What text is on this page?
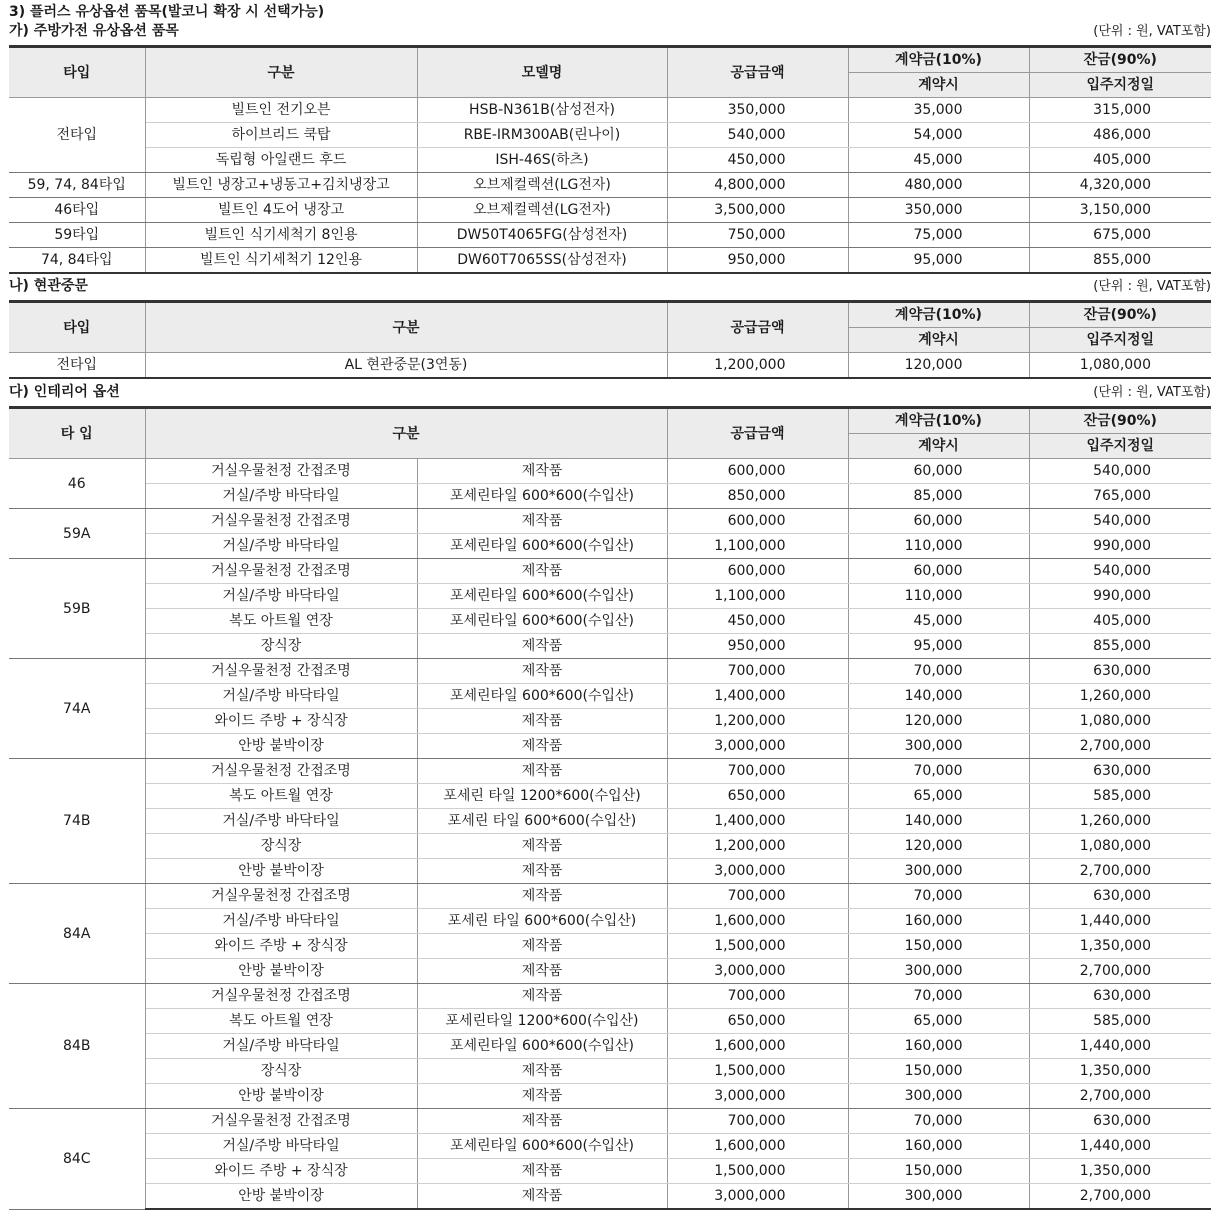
3) 플러스 유상옵션 품목(발코니 확장 시 선택가능)
가) 주방가전 유상옵션 품목	(단위 : 원, VAT포함)
타입	구분	모델명	공급금액	계약금(10%)	잔금(90%)
				계약시	입주지정일
전타입	빌트인 전기오븐	HSB-N361B(삼성전자)	350,000	35,000	315,000
	하이브리드 쿡탑	RBE-IRM300AB(린나이)	540,000	54,000	486,000
	독립형 아일랜드 후드	ISH-46S(하츠)	450,000	45,000	405,000
59, 74, 84타입	빌트인 냉장고+냉동고+김치냉장고	오브제컬렉션(LG전자)	4,800,000	480,000	4,320,000
46타입	빌트인 4도어 냉장고	오브제컬렉션(LG전자)	3,500,000	350,000	3,150,000
59타입	빌트인 식기세척기 8인용	DW50T4065FG(삼성전자)	750,000	75,000	675,000
74, 84타입	빌트인 식기세척기 12인용	DW60T7065SS(삼성전자)	950,000	95,000	855,000
나) 현관중문	(단위 : 원, VAT포함)
타입	구분	공급금액	계약금(10%)	잔금(90%)
			계약시	입주지정일
전타입	AL 현관중문(3연동)	1,200,000	120,000	1,080,000
다) 인테리어 옵션	(단위 : 원, VAT포함)
타 입	구분		공급금액	계약금(10%)	잔금(90%)
				계약시	입주지정일
46	거실우물천정 간접조명	제작품	600,000	60,000	540,000
	거실/주방 바닥타일	포세린타일 600*600(수입산)	850,000	85,000	765,000
59A	거실우물천정 간접조명	제작품	600,000	60,000	540,000
	거실/주방 바닥타일	포세린타일 600*600(수입산)	1,100,000	110,000	990,000
59B	거실우물천정 간접조명	제작품	600,000	60,000	540,000
	거실/주방 바닥타일	포세린타일 600*600(수입산)	1,100,000	110,000	990,000
	복도 아트월 연장	포세린타일 600*600(수입산)	450,000	45,000	405,000
	장식장	제작품	950,000	95,000	855,000
74A	거실우물천정 간접조명	제작품	700,000	70,000	630,000
	거실/주방 바닥타일	포세린타일 600*600(수입산)	1,400,000	140,000	1,260,000
	와이드 주방 + 장식장	제작품	1,200,000	120,000	1,080,000
	안방 붙박이장	제작품	3,000,000	300,000	2,700,000
74B	거실우물천정 간접조명	제작품	700,000	70,000	630,000
	복도 아트월 연장	포세린 타일 1200*600(수입산)	650,000	65,000	585,000
	거실/주방 바닥타일	포세린 타일 600*600(수입산)	1,400,000	140,000	1,260,000
	장식장	제작품	1,200,000	120,000	1,080,000
	안방 붙박이장	제작품	3,000,000	300,000	2,700,000
84A	거실우물천정 간접조명	제작품	700,000	70,000	630,000
	거실/주방 바닥타일	포세린 타일 600*600(수입산)	1,600,000	160,000	1,440,000
	와이드 주방 + 장식장	제작품	1,500,000	150,000	1,350,000
	안방 붙박이장	제작품	3,000,000	300,000	2,700,000
84B	거실우물천정 간접조명	제작품	700,000	70,000	630,000
	복도 아트월 연장	포세린타일 1200*600(수입산)	650,000	65,000	585,000
	거실/주방 바닥타일	포세린타일 600*600(수입산)	1,600,000	160,000	1,440,000
	장식장	제작품	1,500,000	150,000	1,350,000
	안방 붙박이장	제작품	3,000,000	300,000	2,700,000
84C	거실우물천정 간접조명	제작품	700,000	70,000	630,000
	거실/주방 바닥타일	포세린타일 600*600(수입산)	1,600,000	160,000	1,440,000
	와이드 주방 + 장식장	제작품	1,500,000	150,000	1,350,000
	안방 붙박이장	제작품	3,000,000	300,000	2,700,000
